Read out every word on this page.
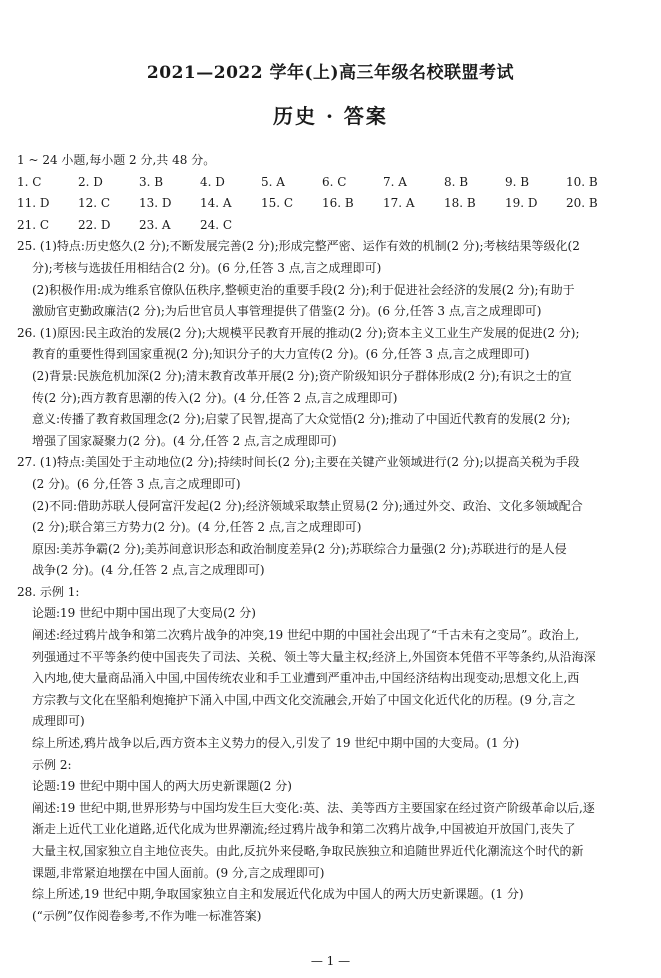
2021—2022 学年(上)高三年级名校联盟考试
历史 · 答案
1 ~ 24 小题,每小题 2 分,共 48 分。
1. C	2. D	3. B	4. D	5. A	6. C	7. A	8. B	9. B	10. B
11. D	12. C	13. D	14. A	15. C	16. B	17. A	18. B	19. D	20. B
21. C	22. D	23. A	24. C
25. (1)特点:历史悠久(2 分);不断发展完善(2 分);形成完整严密、运作有效的机制(2 分);考核结果等级化(2
分);考核与选拔任用相结合(2 分)。(6 分,任答 3 点,言之成理即可)
(2)积极作用:成为维系官僚队伍秩序,整顿吏治的重要手段(2 分);利于促进社会经济的发展(2 分);有助于
激励官吏勤政廉洁(2 分);为后世官员人事管理提供了借鉴(2 分)。(6 分,任答 3 点,言之成理即可)
26. (1)原因:民主政治的发展(2 分);大规模平民教育开展的推动(2 分);资本主义工业生产发展的促进(2 分);
教育的重要性得到国家重视(2 分);知识分子的大力宣传(2 分)。(6 分,任答 3 点,言之成理即可)
(2)背景:民族危机加深(2 分);清末教育改革开展(2 分);资产阶级知识分子群体形成(2 分);有识之士的宣
传(2 分);西方教育思潮的传入(2 分)。(4 分,任答 2 点,言之成理即可)
意义:传播了教育救国理念(2 分);启蒙了民智,提高了大众觉悟(2 分);推动了中国近代教育的发展(2 分);
增强了国家凝聚力(2 分)。(4 分,任答 2 点,言之成理即可)
27. (1)特点:美国处于主动地位(2 分);持续时间长(2 分);主要在关键产业领域进行(2 分);以提高关税为手段
(2 分)。(6 分,任答 3 点,言之成理即可)
(2)不同:借助苏联人侵阿富汗发起(2 分);经济领域采取禁止贸易(2 分);通过外交、政治、文化多领域配合
(2 分);联合第三方势力(2 分)。(4 分,任答 2 点,言之成理即可)
原因:美苏争霸(2 分);美苏间意识形态和政治制度差异(2 分);苏联综合力量强(2 分);苏联进行的是人侵
战争(2 分)。(4 分,任答 2 点,言之成理即可)
28. 示例 1:
论题:19 世纪中期中国出现了大变局(2 分)
阐述:经过鸦片战争和第二次鸦片战争的冲突,19 世纪中期的中国社会出现了“千古未有之变局”。政治上,
列强通过不平等条约使中国丧失了司法、关税、领土等大量主权;经济上,外国资本凭借不平等条约,从沿海深
入内地,使大量商品涌入中国,中国传统农业和手工业遭到严重冲击,中国经济结构出现变动;思想文化上,西
方宗教与文化在坚船利炮掩护下涌入中国,中西文化交流融会,开始了中国文化近代化的历程。(9 分,言之
成理即可)
综上所述,鸦片战争以后,西方资本主义势力的侵入,引发了 19 世纪中期中国的大变局。(1 分)
示例 2:
论题:19 世纪中期中国人的两大历史新课题(2 分)
阐述:19 世纪中期,世界形势与中国均发生巨大变化:英、法、美等西方主要国家在经过资产阶级革命以后,逐
渐走上近代工业化道路,近代化成为世界潮流;经过鸦片战争和第二次鸦片战争,中国被迫开放国门,丧失了
大量主权,国家独立自主地位丧失。由此,反抗外来侵略,争取民族独立和追随世界近代化潮流这个时代的新
课题,非常紧迫地摆在中国人面前。(9 分,言之成理即可)
综上所述,19 世纪中期,争取国家独立自主和发展近代化成为中国人的两大历史新课题。(1 分)
(“示例”仅作阅卷参考,不作为唯一标准答案)
— 1 —
